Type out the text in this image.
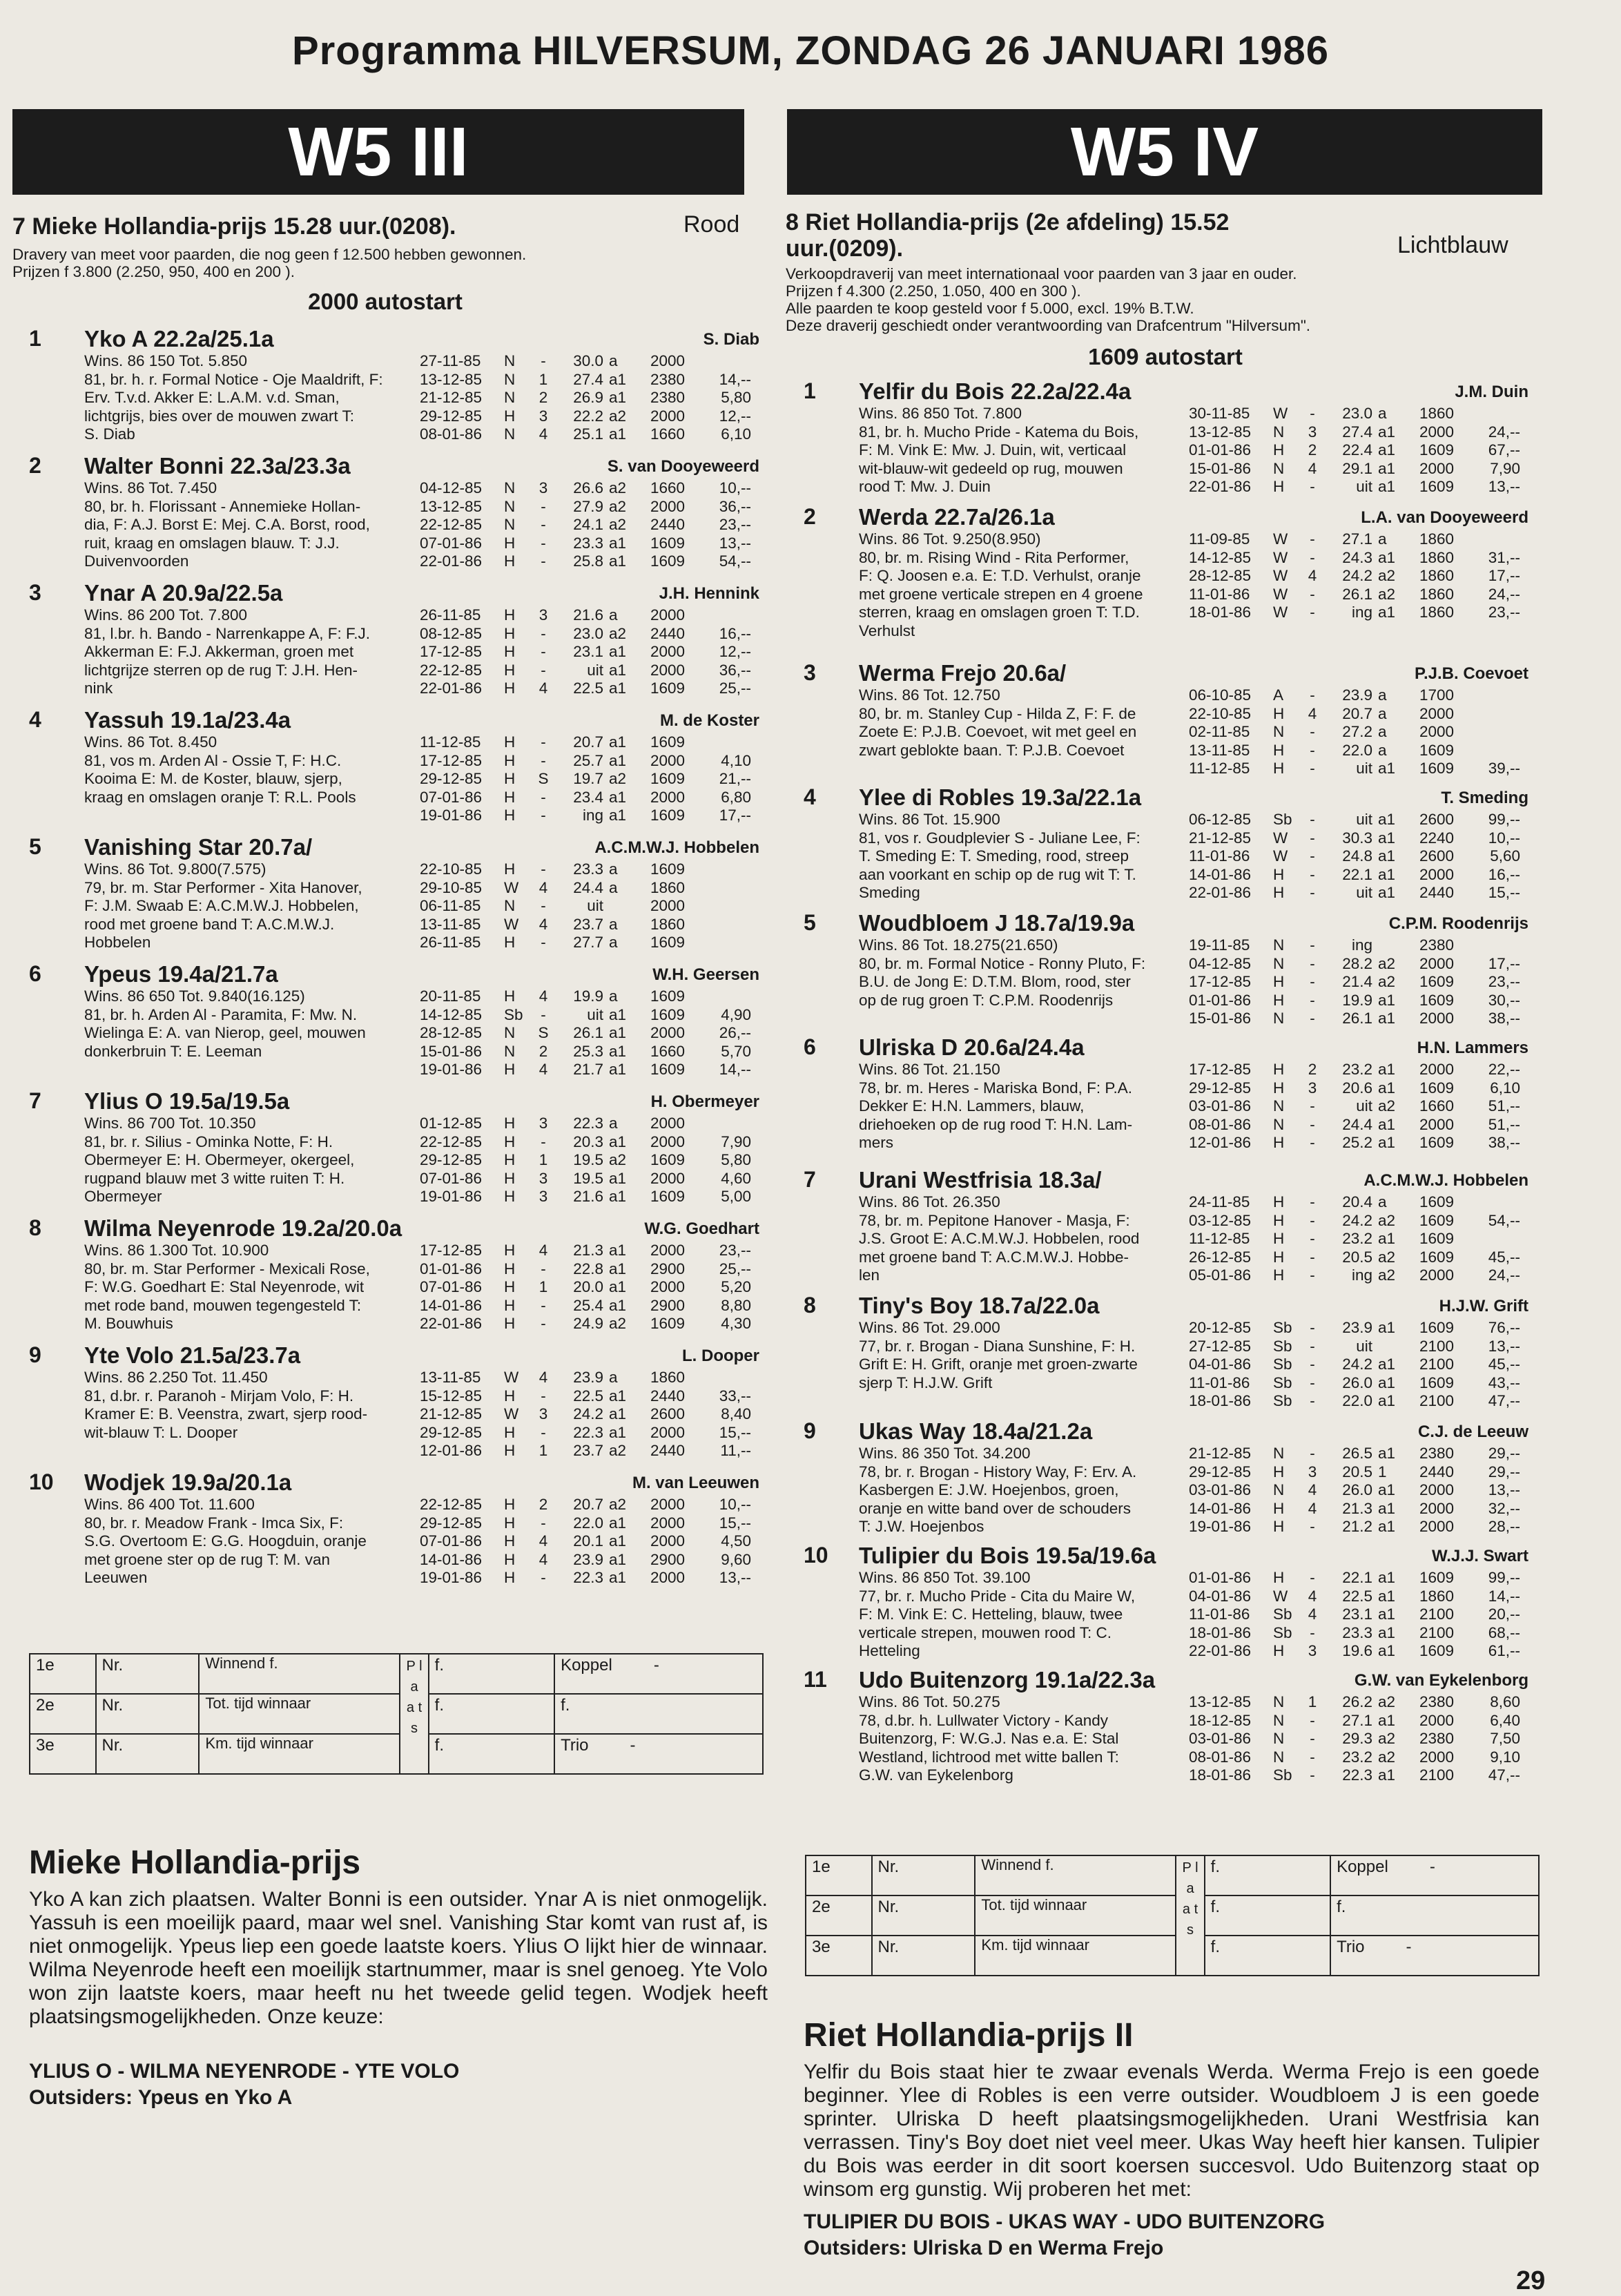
Programma HILVERSUM, ZONDAG 26 JANUARI 1986
W5 III	W5 IV
7 Mieke Hollandia-prijs 15.28 uur.(0208).	Rood
Dravery van meet voor paarden, die nog geen f 12.500 hebben gewonnen.
Prijzen f 3.800 (2.250, 950, 400 en 200 ).
2000 autostart
1 Yko A 22.2a/25.1a	S. Diab
Wins. 86 150 Tot. 5.850
81, br. h. r. Formal Notice - Oje Maaldrift, F:
Erv. T.v.d. Akker E: L.A.M. v.d. Sman,
lichtgrijs, bies over de mouwen zwart T:
S. Diab
27-11-85	N	-	30.0 a	2000
13-12-85	N	1	27.4 a1	2380	14,--
21-12-85	N	2	26.9 a1	2380	5,80
29-12-85	H	3	22.2 a2	2000	12,--
08-01-86	N	4	25.1 a1	1660	6,10
2 Walter Bonni 22.3a/23.3a	S. van Dooyeweerd
Wins. 86 Tot. 7.450
80, br. h. Florissant - Annemieke Hollan-
dia, F: A.J. Borst E: Mej. C.A. Borst, rood,
ruit, kraag en omslagen blauw. T: J.J.
Duivenvoorden
04-12-85	N	3	26.6 a2	1660	10,--
13-12-85	N	-	27.9 a2	2000	36,--
22-12-85	N	-	24.1 a2	2440	23,--
07-01-86	H	-	23.3 a1	1609	13,--
22-01-86	H	-	25.8 a1	1609	54,--
3 Ynar A 20.9a/22.5a	J.H. Hennink
Wins. 86 200 Tot. 7.800
81, l.br. h. Bando - Narrenkappe A, F: F.J.
Akkerman E: F.J. Akkerman, groen met
lichtgrijze sterren op de rug T: J.H. Hen-
nink
26-11-85	H	3	21.6 a	2000
08-12-85	H	-	23.0 a2	2440	16,--
17-12-85	H	-	23.1 a1	2000	12,--
22-12-85	H	-	uit a1	2000	36,--
22-01-86	H	4	22.5 a1	1609	25,--
4 Yassuh 19.1a/23.4a	M. de Koster
Wins. 86 Tot. 8.450
81, vos m. Arden Al - Ossie T, F: H.C.
Kooima E: M. de Koster, blauw, sjerp,
kraag en omslagen oranje T: R.L. Pools
11-12-85	H	-	20.7 a1	1609
17-12-85	H	-	25.7 a1	2000	4,10
29-12-85	H	S	19.7 a2	1609	21,--
07-01-86	H	-	23.4 a1	2000	6,80
19-01-86	H	-	ing a1	1609	17,--
5 Vanishing Star 20.7a/	A.C.M.W.J. Hobbelen
Wins. 86 Tot. 9.800(7.575)
79, br. m. Star Performer - Xita Hanover,
F: J.M. Swaab E: A.C.M.W.J. Hobbelen,
rood met groene band T: A.C.M.W.J.
Hobbelen
22-10-85	H	-	23.3 a	1609
29-10-85	W	4	24.4 a	1860
06-11-85	N	-	uit	2000
13-11-85	W	4	23.7 a	1860
26-11-85	H	-	27.7 a	1609
6 Ypeus 19.4a/21.7a	W.H. Geersen
Wins. 86 650 Tot. 9.840(16.125)
81, br. h. Arden Al - Paramita, F: Mw. N.
Wielinga E: A. van Nierop, geel, mouwen
donkerbruin T: E. Leeman
20-11-85	H	4	19.9 a	1609
14-12-85	Sb	-	uit a1	1609	4,90
28-12-85	N	S	26.1 a1	2000	26,--
15-01-86	N	2	25.3 a1	1660	5,70
19-01-86	H	4	21.7 a1	1609	14,--
7 Ylius O 19.5a/19.5a	H. Obermeyer
Wins. 86 700 Tot. 10.350
81, br. r. Silius - Ominka Notte, F: H.
Obermeyer E: H. Obermeyer, okergeel,
rugpand blauw met 3 witte ruiten T: H.
Obermeyer
01-12-85	H	3	22.3 a	2000
22-12-85	H	-	20.3 a1	2000	7,90
29-12-85	H	1	19.5 a2	1609	5,80
07-01-86	H	3	19.5 a1	2000	4,60
19-01-86	H	3	21.6 a1	1609	5,00
8 Wilma Neyenrode 19.2a/20.0a	W.G. Goedhart
Wins. 86 1.300 Tot. 10.900
80, br. m. Star Performer - Mexicali Rose,
F: W.G. Goedhart E: Stal Neyenrode, wit
met rode band, mouwen tegengesteld T:
M. Bouwhuis
17-12-85	H	4	21.3 a1	2000	23,--
01-01-86	H	-	22.8 a1	2900	25,--
07-01-86	H	1	20.0 a1	2000	5,20
14-01-86	H	-	25.4 a1	2900	8,80
22-01-86	H	-	24.9 a2	1609	4,30
9 Yte Volo 21.5a/23.7a	L. Dooper
Wins. 86 2.250 Tot. 11.450
81, d.br. r. Paranoh - Mirjam Volo, F: H.
Kramer E: B. Veenstra, zwart, sjerp rood-
wit-blauw T: L. Dooper
13-11-85	W	4	23.9 a	1860
15-12-85	H	-	22.5 a1	2440	33,--
21-12-85	W	3	24.2 a1	2600	8,40
29-12-85	H	-	22.3 a1	2000	15,--
12-01-86	H	1	23.7 a2	2440	11,--
10 Wodjek 19.9a/20.1a	M. van Leeuwen
Wins. 86 400 Tot. 11.600
80, br. r. Meadow Frank - Imca Six, F:
S.G. Overtoom E: G.G. Hoogduin, oranje
met groene ster op de rug T: M. van
Leeuwen
22-12-85	H	2	20.7 a2	2000	10,--
29-12-85	H	-	22.0 a1	2000	15,--
07-01-86	H	4	20.1 a1	2000	4,50
14-01-86	H	4	23.9 a1	2900	9,60
19-01-86	H	-	22.3 a1	2000	13,--
8 Riet Hollandia-prijs (2e afdeling) 15.52
uur.(0209).	Lichtblauw
Verkoopdraverij van meet internationaal voor paarden van 3 jaar en ouder.
Prijzen f 4.300 (2.250, 1.050, 400 en 300 ).
Alle paarden te koop gesteld voor f 5.000, excl. 19% B.T.W.
Deze draverij geschiedt onder verantwoording van Drafcentrum "Hilversum".
1609 autostart
1 Yelfir du Bois 22.2a/22.4a	J.M. Duin
Wins. 86 850 Tot. 7.800
81, br. h. Mucho Pride - Katema du Bois,
F: M. Vink E: Mw. J. Duin, wit, verticaal
wit-blauw-wit gedeeld op rug, mouwen
rood T: Mw. J. Duin
30-11-85	W	-	23.0 a	1860
13-12-85	N	3	27.4 a1	2000	24,--
01-01-86	H	2	22.4 a1	1609	67,--
15-01-86	N	4	29.1 a1	2000	7,90
22-01-86	H	-	uit a1	1609	13,--
2 Werda 22.7a/26.1a	L.A. van Dooyeweerd
Wins. 86 Tot. 9.250(8.950)
80, br. m. Rising Wind - Rita Performer,
F: Q. Joosen e.a. E: T.D. Verhulst, oranje
met groene verticale strepen en 4 groene
sterren, kraag en omslagen groen T: T.D.
Verhulst
11-09-85	W	-	27.1 a	1860
14-12-85	W	-	24.3 a1	1860	31,--
28-12-85	W	4	24.2 a2	1860	17,--
11-01-86	W	-	26.1 a2	1860	24,--
18-01-86	W	-	ing a1	1860	23,--
3 Werma Frejo 20.6a/	P.J.B. Coevoet
Wins. 86 Tot. 12.750
80, br. m. Stanley Cup - Hilda Z, F: F. de
Zoete E: P.J.B. Coevoet, wit met geel en
zwart geblokte baan. T: P.J.B. Coevoet
06-10-85	A	-	23.9 a	1700
22-10-85	H	4	20.7 a	2000
02-11-85	N	-	27.2 a	2000
13-11-85	H	-	22.0 a	1609
11-12-85	H	-	uit a1	1609	39,--
4 Ylee di Robles 19.3a/22.1a	T. Smeding
Wins. 86 Tot. 15.900
81, vos r. Goudplevier S - Juliane Lee, F:
T. Smeding E: T. Smeding, rood, streep
aan voorkant en schip op de rug wit T: T.
Smeding
06-12-85	Sb	-	uit a1	2600	99,--
21-12-85	W	-	30.3 a1	2240	10,--
11-01-86	W	-	24.8 a1	2600	5,60
14-01-86	H	-	22.1 a1	2000	16,--
22-01-86	H	-	uit a1	2440	15,--
5 Woudbloem J 18.7a/19.9a	C.P.M. Roodenrijs
Wins. 86 Tot. 18.275(21.650)
80, br. m. Formal Notice - Ronny Pluto, F:
B.U. de Jong E: D.T.M. Blom, rood, ster
op de rug groen T: C.P.M. Roodenrijs
19-11-85	N	-	ing	2380
04-12-85	N	-	28.2 a2	2000	17,--
17-12-85	H	-	21.4 a2	1609	23,--
01-01-86	H	-	19.9 a1	1609	30,--
15-01-86	N	-	26.1 a1	2000	38,--
6 Ulriska D 20.6a/24.4a	H.N. Lammers
Wins. 86 Tot. 21.150
78, br. m. Heres - Mariska Bond, F: P.A.
Dekker E: H.N. Lammers, blauw,
driehoeken op de rug rood T: H.N. Lam-
mers
17-12-85	H	2	23.2 a1	2000	22,--
29-12-85	H	3	20.6 a1	1609	6,10
03-01-86	N	-	uit a2	1660	51,--
08-01-86	N	-	24.4 a1	2000	51,--
12-01-86	H	-	25.2 a1	1609	38,--
7 Urani Westfrisia 18.3a/	A.C.M.W.J. Hobbelen
Wins. 86 Tot. 26.350
78, br. m. Pepitone Hanover - Masja, F:
J.S. Groot E: A.C.M.W.J. Hobbelen, rood
met groene band T: A.C.M.W.J. Hobbe-
len
24-11-85	H	-	20.4 a	1609
03-12-85	H	-	24.2 a2	1609	54,--
11-12-85	H	-	23.2 a1	1609
26-12-85	H	-	20.5 a2	1609	45,--
05-01-86	H	-	ing a2	2000	24,--
8 Tiny's Boy 18.7a/22.0a	H.J.W. Grift
Wins. 86 Tot. 29.000
77, br. r. Brogan - Diana Sunshine, F: H.
Grift E: H. Grift, oranje met groen-zwarte
sjerp T: H.J.W. Grift
20-12-85	Sb	-	23.9 a1	1609	76,--
27-12-85	Sb	-	uit	2100	13,--
04-01-86	Sb	-	24.2 a1	2100	45,--
11-01-86	Sb	-	26.0 a1	1609	43,--
18-01-86	Sb	-	22.0 a1	2100	47,--
9 Ukas Way 18.4a/21.2a	C.J. de Leeuw
Wins. 86 350 Tot. 34.200
78, br. r. Brogan - History Way, F: Erv. A.
Kasbergen E: J.W. Hoejenbos, groen,
oranje en witte band over de schouders
T: J.W. Hoejenbos
21-12-85	N	-	26.5 a1	2380	29,--
29-12-85	H	3	20.5 1	2440	29,--
03-01-86	N	4	26.0 a1	2000	13,--
14-01-86	H	4	21.3 a1	2000	32,--
19-01-86	H	-	21.2 a1	2000	28,--
10 Tulipier du Bois 19.5a/19.6a	W.J.J. Swart
Wins. 86 850 Tot. 39.100
77, br. r. Mucho Pride - Cita du Maire W,
F: M. Vink E: C. Hetteling, blauw, twee
verticale strepen, mouwen rood T: C.
Hetteling
01-01-86	H	-	22.1 a1	1609	99,--
04-01-86	W	4	22.5 a1	1860	14,--
11-01-86	Sb	4	23.1 a1	2100	20,--
18-01-86	Sb	-	23.3 a1	2100	68,--
22-01-86	H	3	19.6 a1	1609	61,--
11 Udo Buitenzorg 19.1a/22.3a	G.W. van Eykelenborg
Wins. 86 Tot. 50.275
78, d.br. h. Lullwater Victory - Kandy
Buitenzorg, F: W.G.J. Nas e.a. E: Stal
Westland, lichtrood met witte ballen T:
G.W. van Eykelenborg
13-12-85	N	1	26.2 a2	2380	8,60
18-12-85	N	-	27.1 a1	2000	6,40
03-01-86	N	-	29.3 a2	2380	7,50
08-01-86	N	-	23.2 a2	2000	9,10
18-01-86	Sb	-	22.3 a1	2100	47,--
1e	Nr.	Winnend f.	P l a a t s	f.	Koppel -
2e	Nr.	Tot. tijd winnaar		f.	f.
3e	Nr.	Km. tijd winnaar		f.	Trio -
1e	Nr.	Winnend f.	P l a a t s	f.	Koppel -
2e	Nr.	Tot. tijd winnaar		f.	f.
3e	Nr.	Km. tijd winnaar		f.	Trio -
Mieke Hollandia-prijs

Yko A kan zich plaatsen. Walter Bonni is een outsider. Ynar A is niet onmogelijk. Yassuh is een moeilijk paard, maar wel snel. Vanishing Star komt van rust af, is niet onmogelijk. Ypeus liep een goede laatste koers. Ylius O lijkt hier de winnaar. Wilma Neyenrode heeft een moeilijk startnummer, maar is snel genoeg. Yte Volo won zijn laatste koers, maar heeft nu het tweede gelid tegen. Wodjek heeft plaatsingsmogelijkheden. Onze keuze:

YLIUS O - WILMA NEYENRODE - YTE VOLO
Outsiders: Ypeus en Yko A
Riet Hollandia-prijs II

Yelfir du Bois staat hier te zwaar evenals Werda. Werma Frejo is een goede beginner. Ylee di Robles is een verre outsider. Woudbloem J is een goede sprinter. Ulriska D heeft plaatsingsmogelijkheden. Urani Westfrisia kan verrassen. Tiny's Boy doet niet veel meer. Ukas Way heeft hier kansen. Tulipier du Bois was eerder in dit soort koersen succesvol. Udo Buitenzorg staat op winsom erg gunstig. Wij proberen het met:

TULIPIER DU BOIS - UKAS WAY - UDO BUITENZORG
Outsiders: Ulriska D en Werma Frejo
29
